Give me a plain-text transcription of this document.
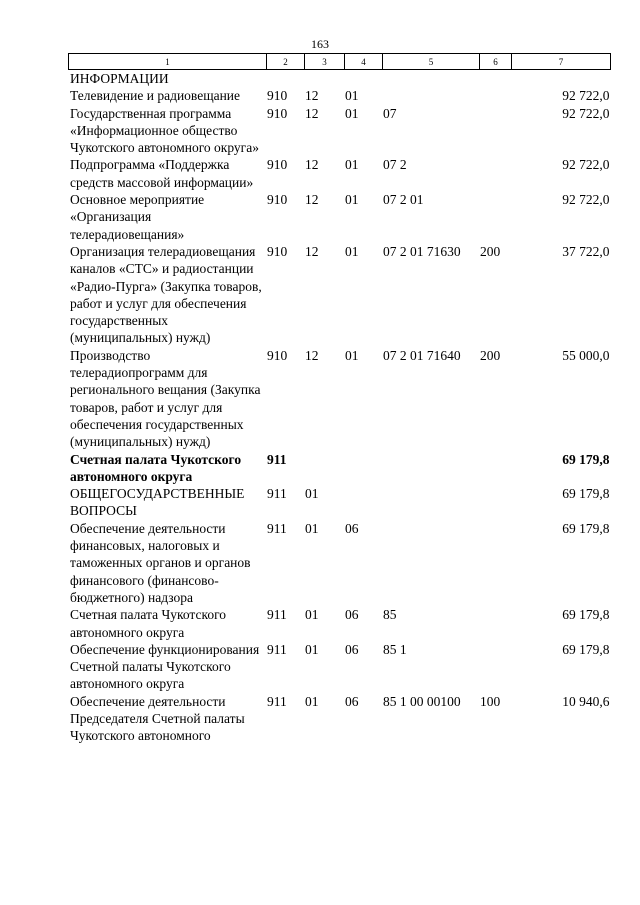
163
1	2	3	4	5	6	7
ИНФОРМАЦИИ						
Телевидение и радиовещание	910	12	01			92 722,0
Государственная программа «Информационное общество Чукотского автономного округа»	910	12	01	07		92 722,0
Подпрограмма «Поддержка средств массовой информации»	910	12	01	07 2		92 722,0
Основное мероприятие «Организация телерадиовещания»	910	12	01	07 2 01		92 722,0
Организация телерадиовещания каналов «СТС» и радиостанции «Радио-Пурга» (Закупка товаров, работ и услуг для обеспечения государственных (муниципальных) нужд)	910	12	01	07 2 01 71630	200	37 722,0
Производство телерадиопрограмм для регионального вещания (Закупка товаров, работ и услуг для обеспечения государственных (муниципальных) нужд)	910	12	01	07 2 01 71640	200	55 000,0
Счетная палата Чукотского автономного округа	911					69 179,8
ОБЩЕГОСУДАРСТВЕННЫЕ ВОПРОСЫ	911	01				69 179,8
Обеспечение деятельности финансовых, налоговых и таможенных органов и органов финансового (финансово-бюджетного) надзора	911	01	06			69 179,8
Счетная палата Чукотского автономного округа	911	01	06	85		69 179,8
Обеспечение функционирования Счетной палаты Чукотского автономного округа	911	01	06	85 1		69 179,8
Обеспечение деятельности Председателя Счетной палаты Чукотского автономного	911	01	06	85 1 00 00100	100	10 940,6
